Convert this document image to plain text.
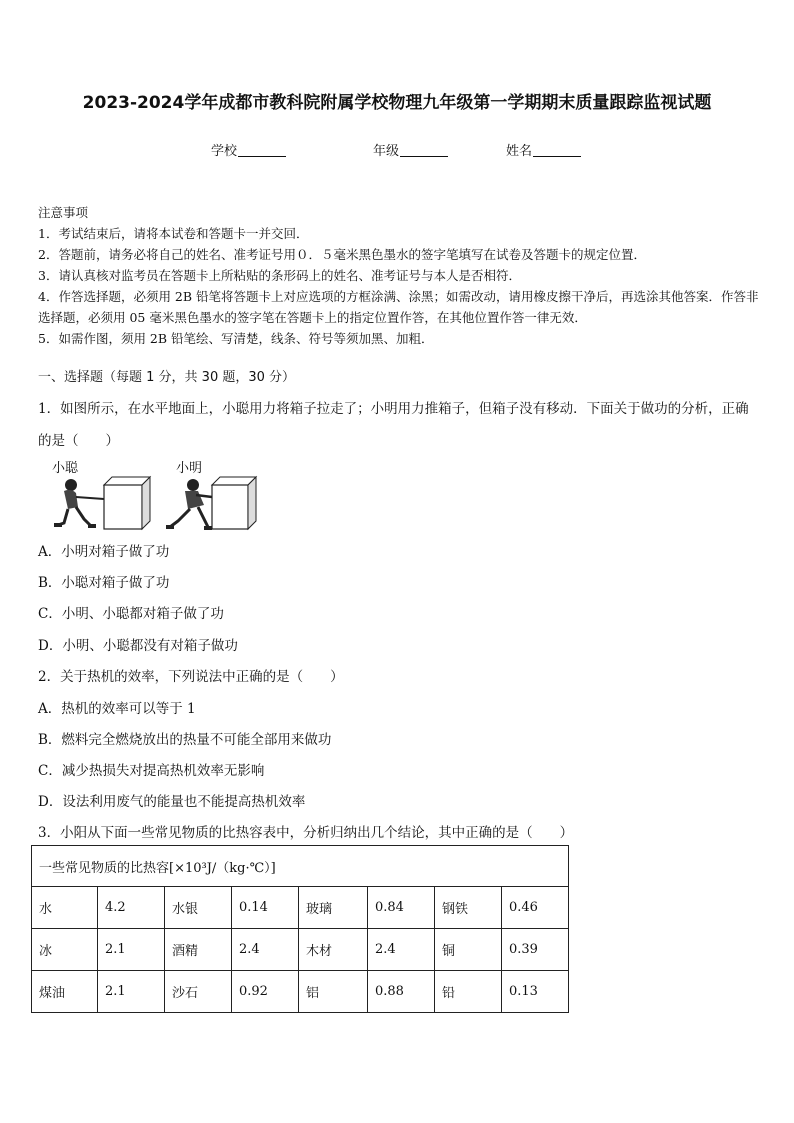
2023-2024学年成都市教科院附属学校物理九年级第一学期期末质量跟踪监视试题
学校	年级	姓名

注意事项

1．考试结束后，请将本试卷和答题卡一并交回．

2．答题前，请务必将自己的姓名、准考证号用０．５毫米黑色墨水的签字笔填写在试卷及答题卡的规定位置．

3．请认真核对监考员在答题卡上所粘贴的条形码上的姓名、准考证号与本人是否相符．

4．作答选择题，必须用 2B 铅笔将答题卡上对应选项的方框涂满、涂黑；如需改动，请用橡皮擦干净后，再选涂其他答案．作答非选择题，必须用 05 毫米黑色墨水的签字笔在答题卡上的指定位置作答，在其他位置作答一律无效．

5．如需作图，须用 2B 铅笔绘、写清楚，线条、符号等须加黑、加粗．

一、选择题（每题 1 分，共 30 题，30 分）
1．如图所示，在水平地面上，小聪用力将箱子拉走了；小明用力推箱子，但箱子没有移动．下面关于做功的分析，正确的是（　　）
小聪	小明
A．小明对箱子做了功
B．小聪对箱子做了功
C．小明、小聪都对箱子做了功
D．小明、小聪都没有对箱子做功
2．关于热机的效率，下列说法中正确的是（　　）
A．热机的效率可以等于 1
B．燃料完全燃烧放出的热量不可能全部用来做功
C．减少热损失对提高热机效率无影响
D．设法利用废气的能量也不能提高热机效率
3．小阳从下面一些常见物质的比热容表中，分析归纳出几个结论，其中正确的是（　　）
一些常见物质的比热容[×10³J/（kg·℃）]							
水	4.2	水银	0.14	玻璃	0.84	钢铁	0.46
冰	2.1	酒精	2.4	木材	2.4	铜	0.39
煤油	2.1	沙石	0.92	铝	0.88	铅	0.13
